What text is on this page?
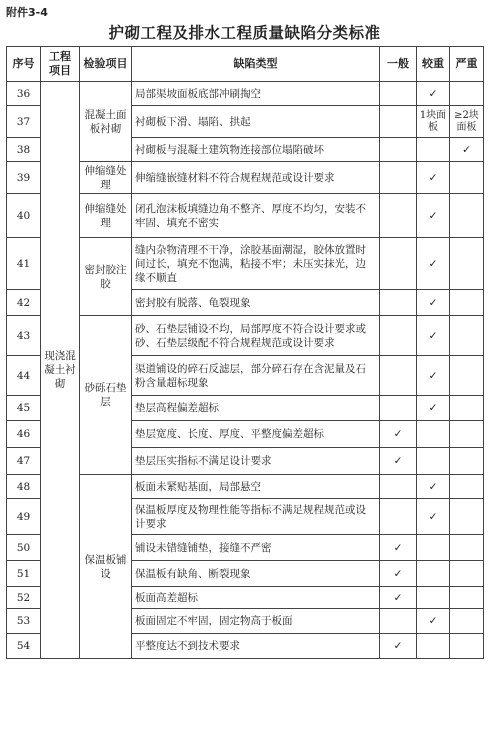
附件3-4
护砌工程及排水工程质量缺陷分类标准
序号	工程项目	检验项目	缺陷类型	一般	较重	严重
36	现浇混凝土衬砌	混凝土面板衬砌	局部渠坡面板底部冲刷掏空		✓	
37			衬砌板下滑、塌陷、拱起		1块面板	≥2块面板
38			衬砌板与混凝土建筑物连接部位塌陷破坏			✓
39		伸缩缝处理	伸缩缝嵌缝材料不符合规程规范或设计要求		✓	
40		伸缩缝处理	闭孔泡沫板填缝边角不整齐、厚度不均匀，安装不牢固、填充不密实		✓	
41		密封胶注胶	缝内杂物清理不干净，涂胶基面潮湿，胶体放置时间过长，填充不饱满，粘接不牢；未压实抹光，边缘不顺直		✓	
42			密封胶有脱落、龟裂现象		✓	
43		砂砾石垫层	砂、石垫层铺设不均，局部厚度不符合设计要求或砂、石垫层级配不符合规程规范或设计要求		✓	
44			渠道铺设的碎石反滤层，部分碎石存在含泥量及石粉含量超标现象		✓	
45			垫层高程偏差超标		✓	
46			垫层宽度、长度、厚度、平整度偏差超标	✓		
47			垫层压实指标不满足设计要求	✓		
48		保温板铺设	板面未紧贴基面，局部悬空		✓	
49			保温板厚度及物理性能等指标不满足规程规范或设计要求		✓	
50			铺设未错缝铺垫，接缝不严密	✓		
51			保温板有缺角、断裂现象	✓		
52			板面高差超标	✓		
53			板面固定不牢固，固定物高于板面		✓	
54			平整度达不到技术要求	✓		
